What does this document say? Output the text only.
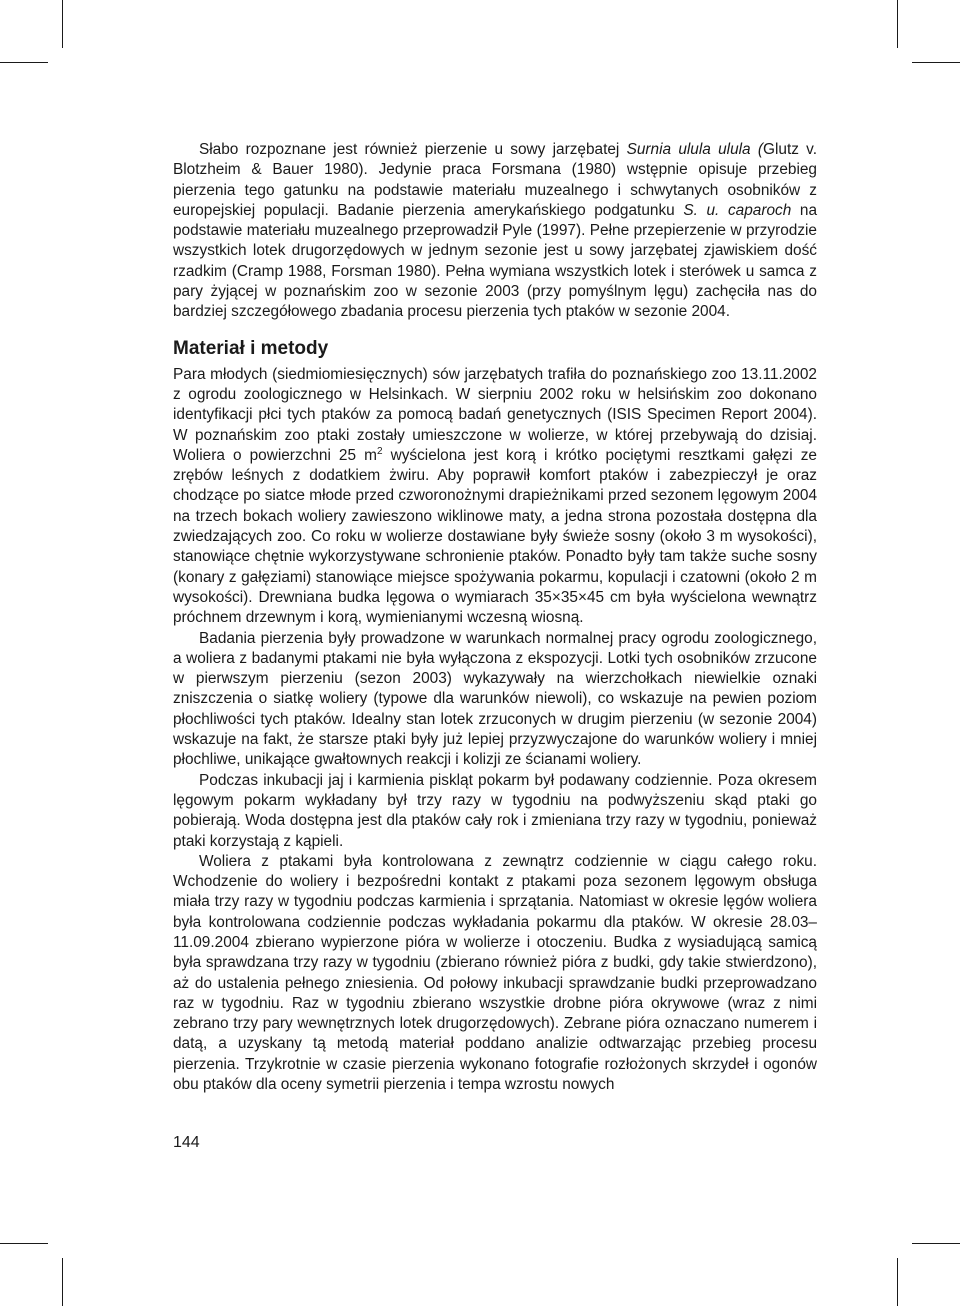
Słabo rozpoznane jest również pierzenie u sowy jarzębatej Surnia ulula ulula (Glutz v. Blotzheim & Bauer 1980). Jedynie praca Forsmana (1980) wstępnie opisuje przebieg pierzenia tego gatunku na podstawie materiału muzealnego i schwytanych osobników z europejskiej populacji. Badanie pierzenia amerykańskiego podgatunku S. u. caparoch na podstawie materiału muzealnego przeprowadził Pyle (1997). Pełne przepierzenie w przyrodzie wszystkich lotek drugorzędowych w jednym sezonie jest u sowy jarzębatej zjawiskiem dość rzadkim (Cramp 1988, Forsman 1980). Pełna wymiana wszystkich lotek i sterówek u samca z pary żyjącej w poznańskim zoo w sezonie 2003 (przy pomyślnym lęgu) zachęciła nas do bardziej szczegółowego zbadania procesu pierzenia tych ptaków w sezonie 2004.

Materiał i metody

Para młodych (siedmiomiesięcznych) sów jarzębatych trafiła do poznańskiego zoo 13.11.2002 z ogrodu zoologicznego w Helsinkach. W sierpniu 2002 roku w helsińskim zoo dokonano identyfikacji płci tych ptaków za pomocą badań genetycznych (ISIS Specimen Report 2004). W poznańskim zoo ptaki zostały umieszczone w wolierze, w której przebywają do dzisiaj. Woliera o powierzchni 25 $m^2$ wyścielona jest korą i krótko pociętymi resztkami gałęzi ze zrębów leśnych z dodatkiem żwiru. Aby poprawił komfort ptaków i zabezpieczył je oraz chodzące po siatce młode przed czworonożnymi drapieżnikami przed sezonem lęgowym 2004 na trzech bokach woliery zawieszono wiklinowe maty, a jedna strona pozostała dostępna dla zwiedzających zoo. Co roku w wolierze dostawiane były świeże sosny (około 3 m wysokości), stanowiące chętnie wykorzystywane schronienie ptaków. Ponadto były tam także suche sosny (konary z gałęziami) stanowiące miejsce spożywania pokarmu, kopulacji i czatowni (około 2 m wysokości). Drewniana budka lęgowa o wymiarach 35×35×45 cm była wyścielona wewnątrz próchnem drzewnym i korą, wymienianymi wczesną wiosną.

Badania pierzenia były prowadzone w warunkach normalnej pracy ogrodu zoologicznego, a woliera z badanymi ptakami nie była wyłączona z ekspozycji. Lotki tych osobników zrzucone w pierwszym pierzeniu (sezon 2003) wykazywały na wierzchołkach niewielkie oznaki zniszczenia o siatkę woliery (typowe dla warunków niewoli), co wskazuje na pewien poziom płochliwości tych ptaków. Idealny stan lotek zrzuconych w drugim pierzeniu (w sezonie 2004) wskazuje na fakt, że starsze ptaki były już lepiej przyzwyczajone do warunków woliery i mniej płochliwe, unikające gwałtownych reakcji i kolizji ze ścianami woliery.

Podczas inkubacji jaj i karmienia piskląt pokarm był podawany codziennie. Poza okresem lęgowym pokarm wykładany był trzy razy w tygodniu na podwyższeniu skąd ptaki go pobierają. Woda dostępna jest dla ptaków cały rok i zmieniana trzy razy w tygodniu, ponieważ ptaki korzystają z kąpieli.

Woliera z ptakami była kontrolowana z zewnątrz codziennie w ciągu całego roku. Wchodzenie do woliery i bezpośredni kontakt z ptakami poza sezonem lęgowym obsługa miała trzy razy w tygodniu podczas karmienia i sprzątania. Natomiast w okresie lęgów woliera była kontrolowana codziennie podczas wykładania pokarmu dla ptaków. W okresie 28.03–11.09.2004 zbierano wypierzone pióra w wolierze i otoczeniu. Budka z wysiadującą samicą była sprawdzana trzy razy w tygodniu (zbierano również pióra z budki, gdy takie stwierdzono), aż do ustalenia pełnego zniesienia. Od połowy inkubacji sprawdzanie budki przeprowadzano raz w tygodniu. Raz w tygodniu zbierano wszystkie drobne pióra okrywowe (wraz z nimi zebrano trzy pary wewnętrznych lotek drugorzędowych). Zebrane pióra oznaczano numerem i datą, a uzyskany tą metodą materiał poddano analizie odtwarzając przebieg procesu pierzenia. Trzykrotnie w czasie pierzenia wykonano fotografie rozłożonych skrzydeł i ogonów obu ptaków dla oceny symetrii pierzenia i tempa wzrostu nowych

144
